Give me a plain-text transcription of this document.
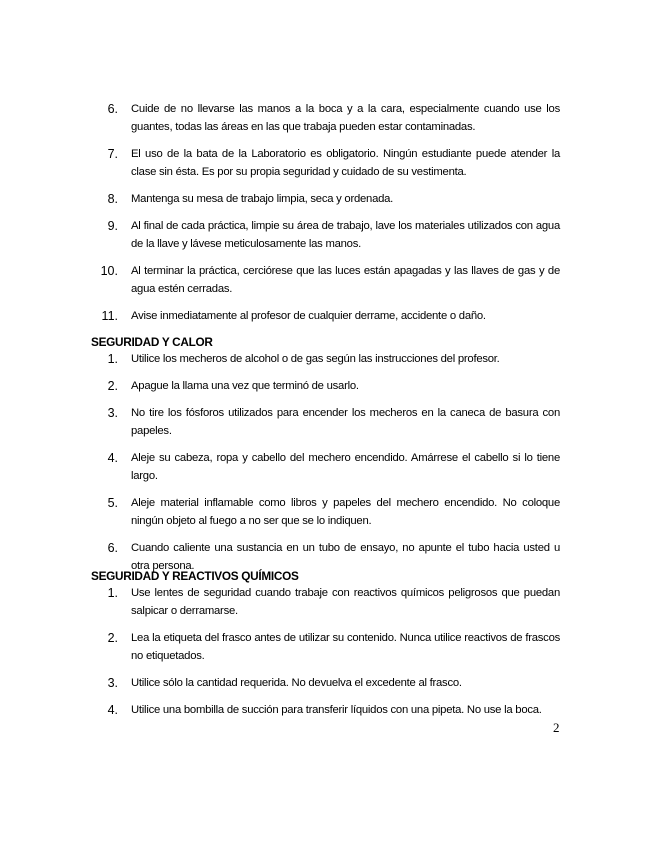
6. Cuide de no llevarse las manos a la boca y a la cara, especialmente cuando use los guantes, todas las áreas en las que trabaja pueden estar contaminadas.
7. El uso de la bata de la Laboratorio es obligatorio. Ningún estudiante puede atender la clase sin ésta. Es por su propia seguridad y cuidado de su vestimenta.
8. Mantenga su mesa de trabajo limpia, seca y ordenada.
9. Al final de cada práctica, limpie su área de trabajo, lave los materiales utilizados con agua de la llave y lávese meticulosamente las manos.
10. Al terminar la práctica, cerciórese que las luces están apagadas y las llaves de gas y de agua estén cerradas.
11. Avise inmediatamente al profesor de cualquier derrame, accidente o daño.
SEGURIDAD Y CALOR
1. Utilice los mecheros de alcohol o de gas según las instrucciones del profesor.
2. Apague la llama una vez que terminó de usarlo.
3. No tire los fósforos utilizados para encender los mecheros en la caneca de basura con papeles.
4. Aleje su cabeza, ropa y cabello del mechero encendido. Amárrese el cabello si lo tiene largo.
5. Aleje material inflamable como libros y papeles del mechero encendido. No coloque ningún objeto al fuego a no ser que se lo indiquen.
6. Cuando caliente una sustancia en un tubo de ensayo, no apunte el tubo hacia usted u otra persona.
SEGURIDAD Y REACTIVOS QUÍMICOS
1. Use lentes de seguridad cuando trabaje con reactivos químicos peligrosos que puedan salpicar o derramarse.
2. Lea la etiqueta del frasco antes de utilizar su contenido. Nunca utilice reactivos de frascos no etiquetados.
3. Utilice sólo la cantidad requerida. No devuelva el excedente al frasco.
4. Utilice una bombilla de succión para transferir líquidos con una pipeta. No use la boca.
2
